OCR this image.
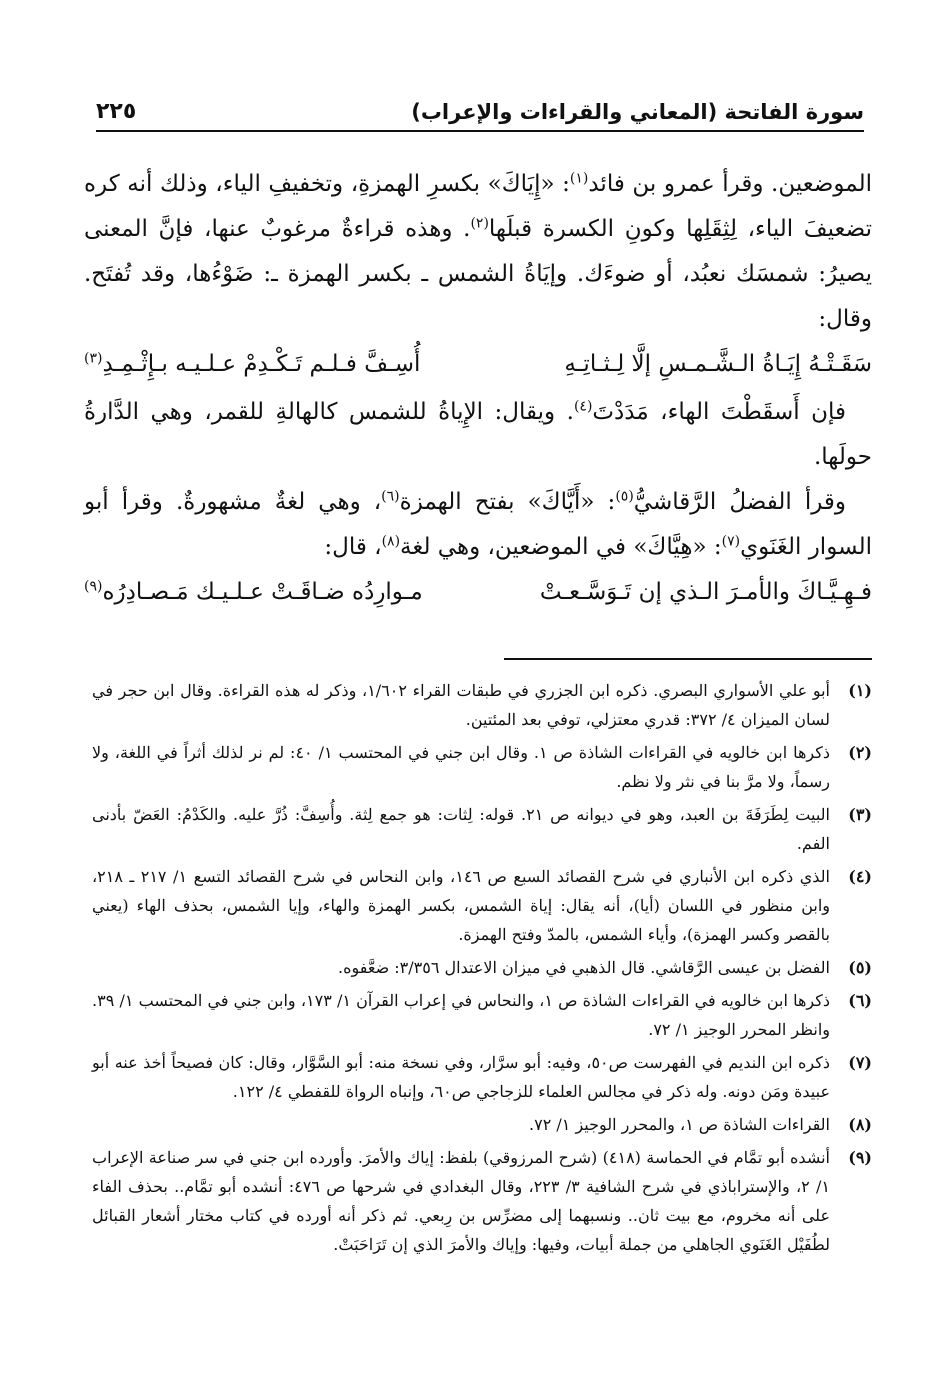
سورة الفاتحة (المعاني والقراءات والإعراب)
٢٢٥

الموضعين. وقرأ عمرو بن فائد$^{(١)}$: «إِيَاكَ» بكسرِ الهمزةِ، وتخفيفِ الياء، وذلك أنه كره تضعيفَ الياء، لِثِقَلِها وكونِ الكسرة قبلَها$^{(٢)}$. وهذه قراءةٌ مرغوبٌ عنها، فإنَّ المعنى يصيرُ: شمسَك نعبُد، أو ضوءَك. وإيَاةُ الشمس ـ بكسر الهمزة ـ: ضَوْءُها، وقد تُفتَح. وقال:

سَقَـتْـهُ إِيَـاةُ الـشَّـمـسِ إلَّا لِـثـاتِـهِ
أُسِـفَّ فـلـم تَـكْـدِمْ عـلـيـه بـإِثْـمِـدِ$^{(٣)}$

فإن أَسقَطْتَ الهاء، مَدَدْتَ$^{(٤)}$. ويقال: الإِياةُ للشمس كالهالةِ للقمر، وهي الدَّارةُ حولَها.

وقرأ الفضلُ الرَّقاشيُّ$^{(٥)}$: «أَيَّاكَ» بفتح الهمزة$^{(٦)}$، وهي لغةٌ مشهورةٌ. وقرأ أبو السوار الغَنَوي$^{(٧)}$: «هِيَّاكَ» في الموضعين، وهي لغة$^{(٨)}$، قال:

فـهِـيَّـاكَ والأمـرَ الـذي إن تَـوَسَّـعـتْ
مـوارِدُه ضـاقَـتْ عـلـيـك مَـصـادِرُه$^{(٩)}$
(١)
أبو علي الأسواري البصري. ذكره ابن الجزري في طبقات القراء ١/٦٠٢، وذكر له هذه القراءة. وقال ابن حجر في لسان الميزان ٤/ ٣٧٢: قدري معتزلي، توفي بعد المئتين.
(٢)
ذكرها ابن خالويه في القراءات الشاذة ص ١. وقال ابن جني في المحتسب ١/ ٤٠: لم نر لذلك أثراً في اللغة، ولا رسماً، ولا مرَّ بنا في نثر ولا نظم.
(٣)
البيت لِطَرَفَةَ بن العبد، وهو في ديوانه ص ٢١. قوله: لِثات: هو جمع لِثة. وأُسِفَّ: ذُرَّ عليه. والكَدْمُ: العَضّ بأدنى الفم.
(٤)
الذي ذكره ابن الأنباري في شرح القصائد السبع ص ١٤٦، وابن النحاس في شرح القصائد التسع ١/ ٢١٧ ـ ٢١٨، وابن منظور في اللسان (أيا)، أنه يقال: إياة الشمس، بكسر الهمزة والهاء، وإيا الشمس، بحذف الهاء (يعني بالقصر وكسر الهمزة)، وأياء الشمس، بالمدّ وفتح الهمزة.
(٥)
الفضل بن عيسى الرَّقاشي. قال الذهبي في ميزان الاعتدال ٣/٣٥٦: ضعَّفوه.
(٦)
ذكرها ابن خالويه في القراءات الشاذة ص ١، والنحاس في إعراب القرآن ١/ ١٧٣، وابن جني في المحتسب ١/ ٣٩. وانظر المحرر الوجيز ١/ ٧٢.
(٧)
ذكره ابن النديم في الفهرست ص٥٠، وفيه: أبو سرَّار، وفي نسخة منه: أبو السَّوَّار، وقال: كان فصيحاً أخذ عنه أبو عبيدة ومَن دونه. وله ذكر في مجالس العلماء للزجاجي ص٦٠، وإنباه الرواة للقفطي ٤/ ١٢٢.
(٨)
القراءات الشاذة ص ١، والمحرر الوجيز ١/ ٧٢.
(٩)
أنشده أبو تمَّام في الحماسة (٤١٨) (شرح المرزوقي) بلفظ: إياك والأمرَ. وأورده ابن جني في سر صناعة الإعراب ١/ ٢، والإستراباذي في شرح الشافية ٣/ ٢٢٣، وقال البغدادي في شرحها ص ٤٧٦: أنشده أبو تمَّام.. بحذف الفاء على أنه مخروم، مع بيت ثان.. ونسبهما إلى مضرِّس بن رِبعي. ثم ذكر أنه أورده في كتاب مختار أشعار القبائل لطُفَيْل الغَنَوي الجاهلي من جملة أبيات، وفيها: وإياك والأمرَ الذي إن تَرَاحَبَتْ.
